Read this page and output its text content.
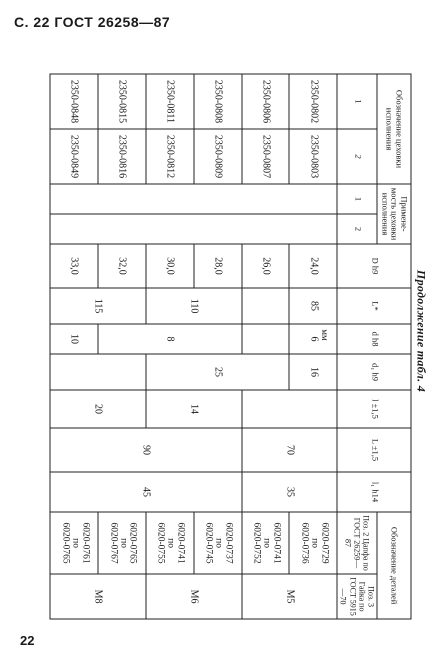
С. 22 ГОСТ 26258—87
Продолжение табл. 4
мм
22
Обозначение цеховки исполнения		Примене-мость цеховки исполнения		D h9	L*	d h8	d₁ h9	l ±1,5	L ±1,5	l₁ h14	Обозначение деталей	
1	2	1	2								Поз. 2 Цапфа по ГОСТ 26259—87	Поз. 3 Гайка по ГОСТ 5915—70

2350-0802	2350-0803			24,0	85	6	16		70	35	6020-0729
по
6020-0736	M5
2350-0806	2350-0807			26,0			25				6020-0741
по
6020-0752	
2350-0808	2350-0809			28,0	110	8		14	90	45	6020-0737
по
6020-0745	M6
2350-0811	2350-0812			30,0							6020-0741
по
6020-0755	
2350-0815	2350-0816			32,0	115			20			6020-0765
по
6020-0767	M8
2350-0848	2350-0849			33,0		10					6020-0761
по
6020-0765	
